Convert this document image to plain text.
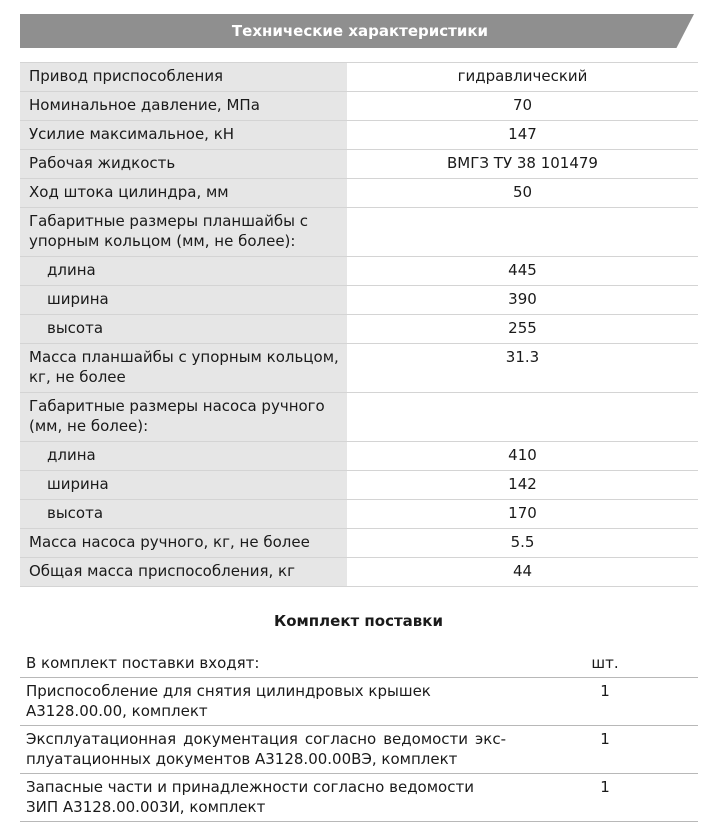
Технические характеристики
Привод приспособления	гидравлический
Номинальное давление, МПа	70
Усилие максимальное, кН	147
Рабочая жидкость	ВМГЗ ТУ 38 101479
Ход штока цилиндра, мм	50
Габаритные размеры планшайбы с упорным кольцом (мм, не более):	
длина	445
ширина	390
высота	255
Масса планшайбы с упорным кольцом, кг, не более	31.3
Габаритные размеры насоса ручного (мм, не более):	
длина	410
ширина	142
высота	170
Масса насоса ручного, кг, не более	5.5
Общая масса приспособления, кг	44
Комплект поставки
В комплект поставки входят:	шт.
Приспособление для снятия цилиндровых крышек А3128.00.00, комплект	1
Эксплуатационная документация согласно ведомости экс-плуатационных документов А3128.00.00ВЭ, комплект	1
Запасные части и принадлежности согласно ведомости ЗИП А3128.00.003И, комплект	1
